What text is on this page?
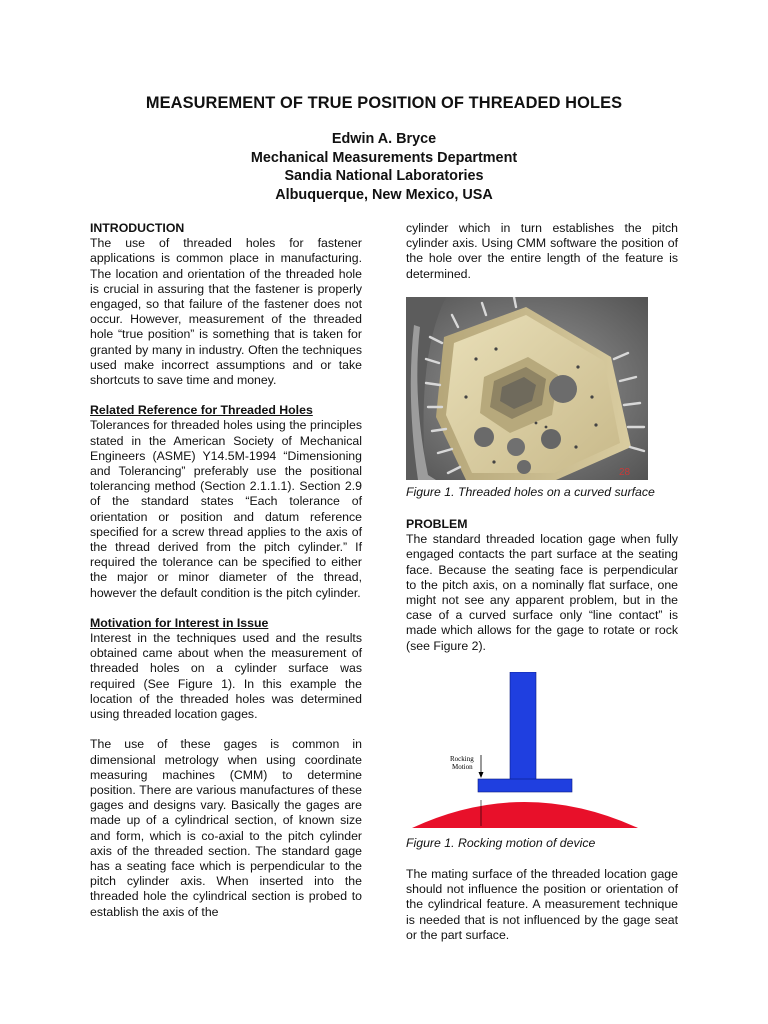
MEASUREMENT OF TRUE POSITION OF THREADED HOLES
Edwin A. Bryce
Mechanical Measurements Department
Sandia National Laboratories
Albuquerque, New Mexico, USA
INTRODUCTION

The use of threaded holes for fastener applications is common place in manufacturing. The location and orientation of the threaded hole is crucial in assuring that the fastener is properly engaged, so that failure of the fastener does not occur. However, measurement of the threaded hole “true position” is something that is taken for granted by many in industry. Often the techniques used make incorrect assumptions and or take shortcuts to save time and money.

Related Reference for Threaded Holes

Tolerances for threaded holes using the principles stated in the American Society of Mechanical Engineers (ASME) Y14.5M-1994 “Dimensioning and Tolerancing” preferably use the positional tolerancing method (Section 2.1.1.1). Section 2.9 of the standard states “Each tolerance of orientation or position and datum reference specified for a screw thread applies to the axis of the thread derived from the pitch cylinder.” If required the tolerance can be specified to either the major or minor diameter of the thread, however the default condition is the pitch cylinder.

Motivation for Interest in Issue

Interest in the techniques used and the results obtained came about when the measurement of threaded holes on a cylinder surface was required (See Figure 1). In this example the location of the threaded holes was determined using threaded location gages.

The use of these gages is common in dimensional metrology when using coordinate measuring machines (CMM) to determine position. There are various manufactures of these gages and designs vary. Basically the gages are made up of a cylindrical section, of known size and form, which is co-axial to the pitch cylinder axis of the threaded section. The standard gage has a seating face which is perpendicular to the pitch cylinder axis. When inserted into the threaded hole the cylindrical section is probed to establish the axis of the

cylinder which in turn establishes the pitch cylinder axis. Using CMM software the position of the hole over the entire length of the feature is determined.

28

Figure 1. Threaded holes on a curved surface

PROBLEM

The standard threaded location gage when fully engaged contacts the part surface at the seating face. Because the seating face is perpendicular to the pitch axis, on a nominally flat surface, one might not see any apparent problem, but in the case of a curved surface only “line contact” is made which allows for the gage to rotate or rock (see Figure 2).

Rocking
Motion

Figure 1. Rocking motion of device

The mating surface of the threaded location gage should not influence the position or orientation of the cylindrical feature. A measurement technique is needed that is not influenced by the gage seat or the part surface.
